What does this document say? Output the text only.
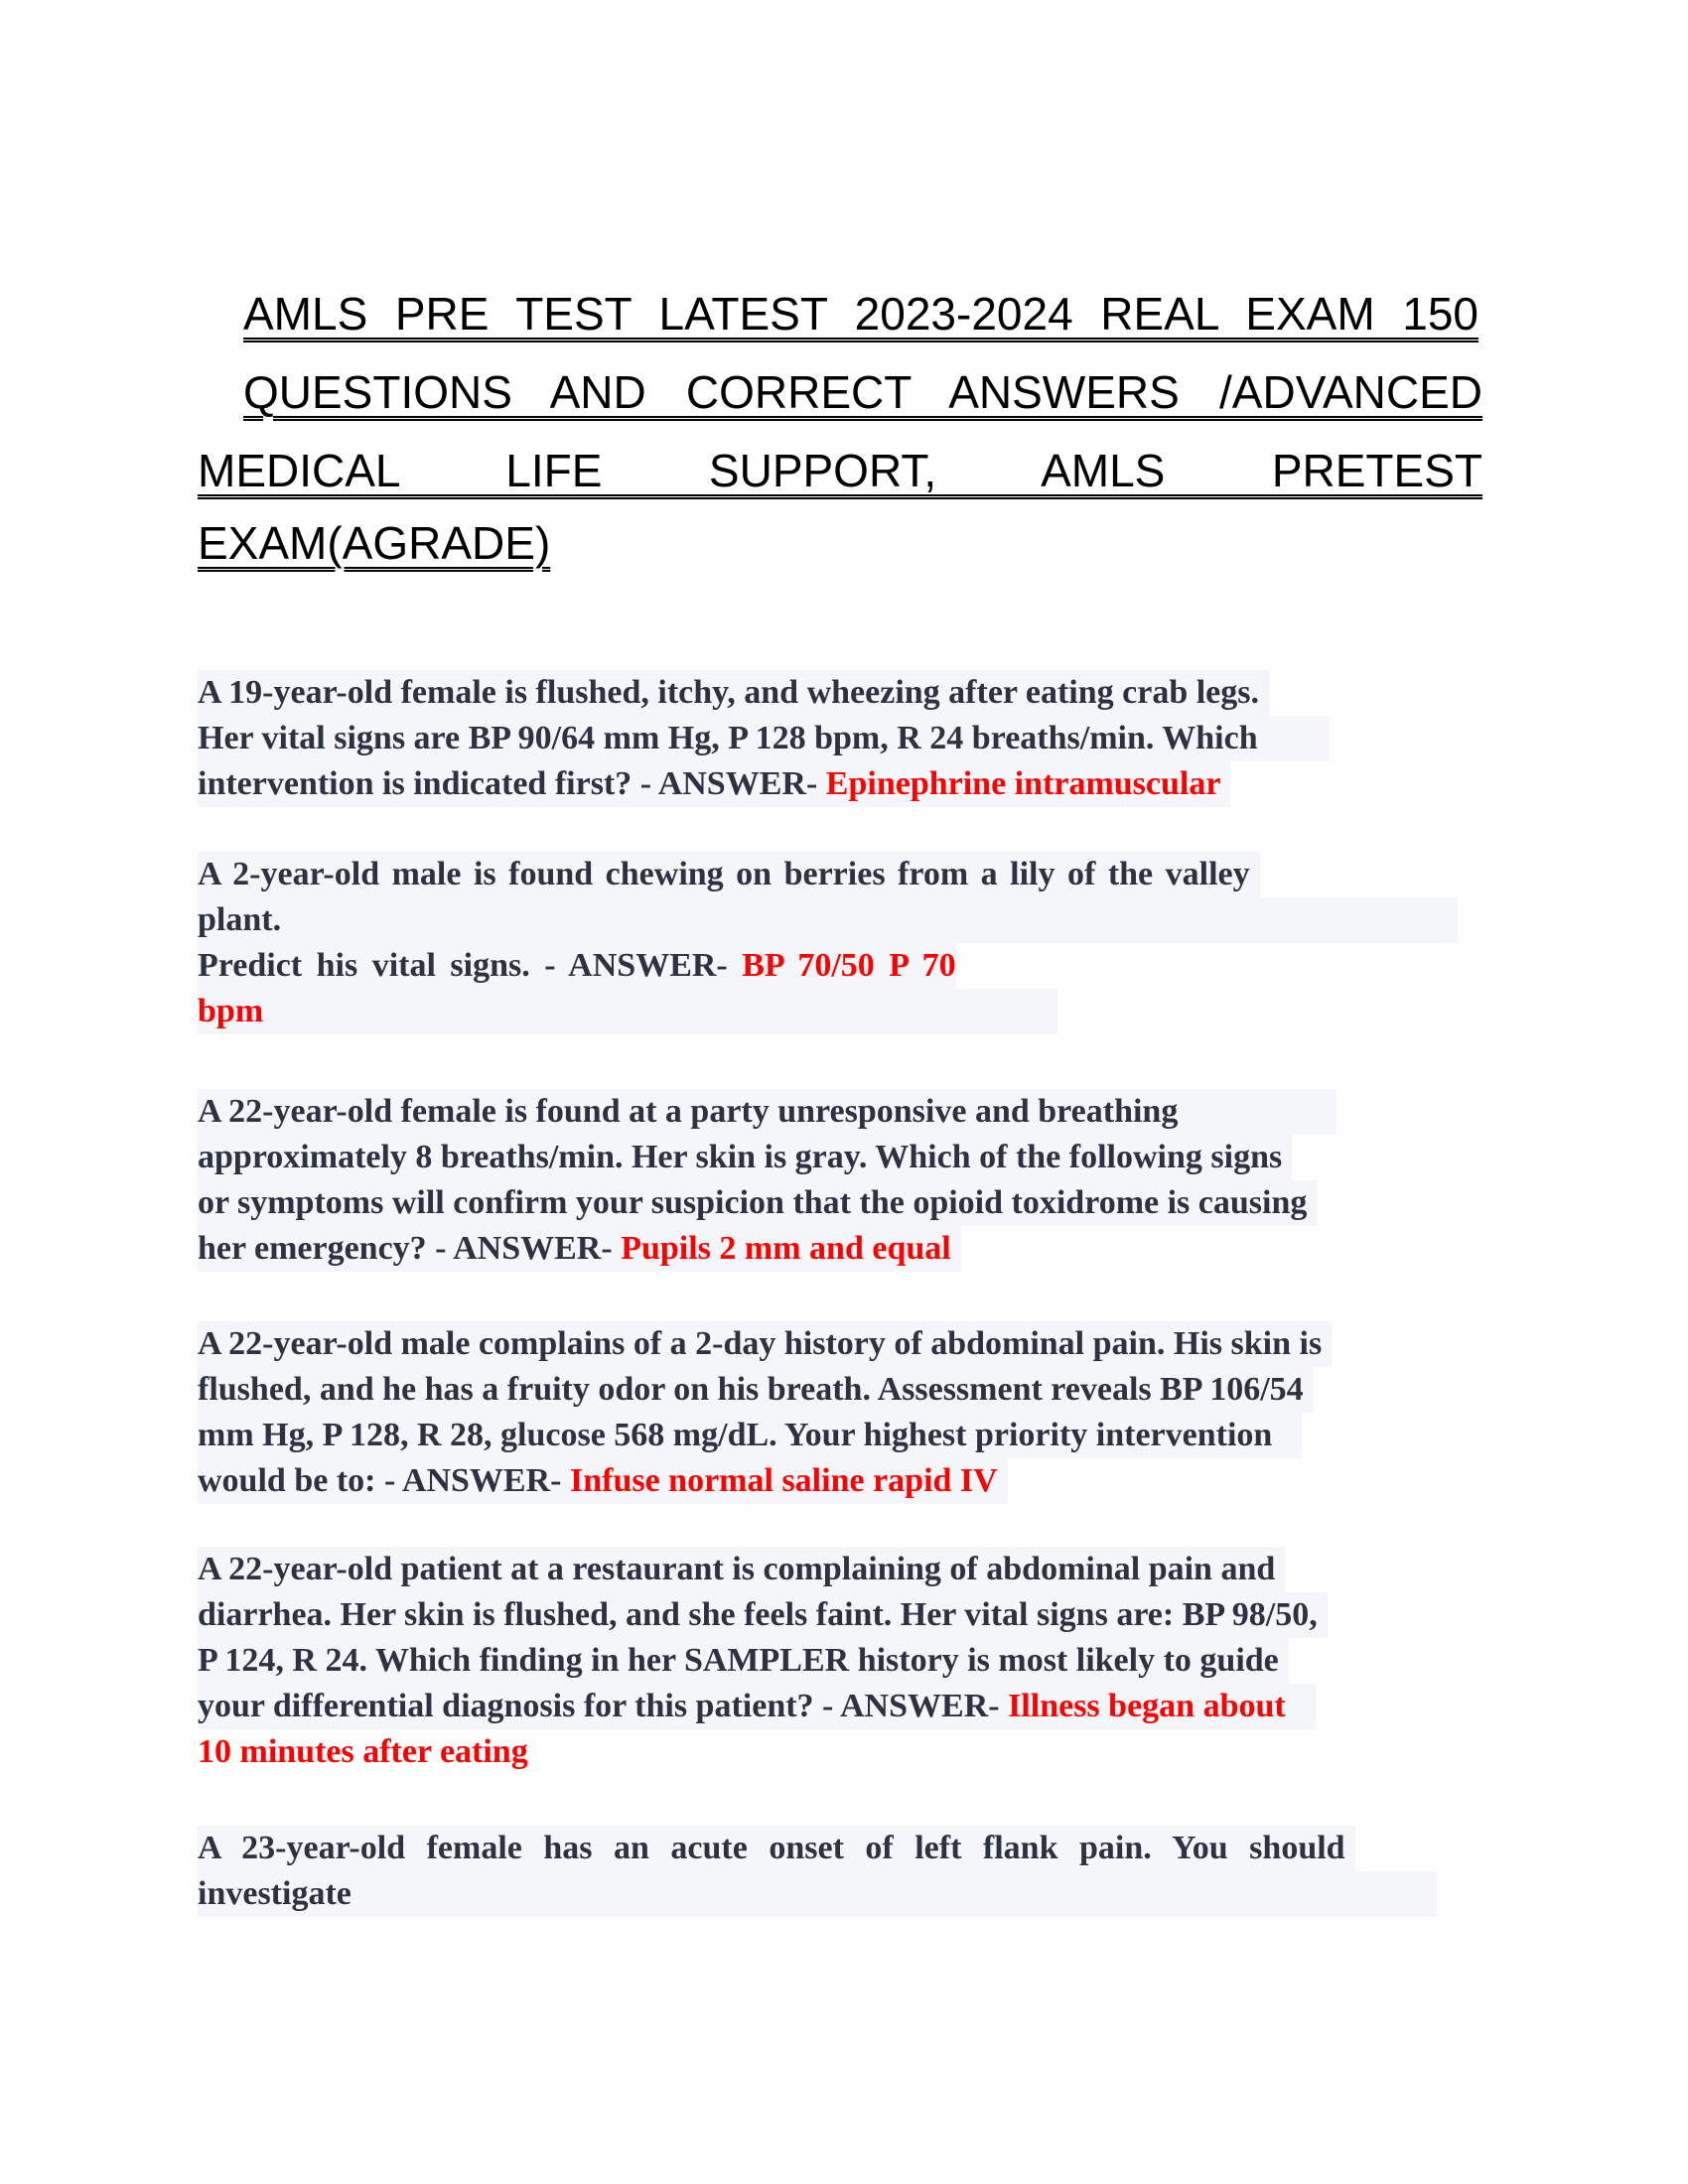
AMLS PRE TEST LATEST 2023-2024 REAL EXAM 150
QUESTIONS AND CORRECT ANSWERS /ADVANCED
MEDICAL LIFE SUPPORT, AMLS PRETEST
EXAM(AGRADE)
A 19-year-old female is flushed, itchy, and wheezing after eating crab legs.
Her vital signs are BP 90/64 mm Hg, P 128 bpm, R 24 breaths/min. Which
intervention is indicated first? - ANSWER- Epinephrine intramuscular
A 2-year-old male is found chewing on berries from a lily of the valley
plant.
Predict his vital signs. - ANSWER- BP 70/50 P 70
bpm
A 22-year-old female is found at a party unresponsive and breathing
approximately 8 breaths/min. Her skin is gray. Which of the following signs
or symptoms will confirm your suspicion that the opioid toxidrome is causing
her emergency? - ANSWER- Pupils 2 mm and equal
A 22-year-old male complains of a 2-day history of abdominal pain. His skin is
flushed, and he has a fruity odor on his breath. Assessment reveals BP 106/54
mm Hg, P 128, R 28, glucose 568 mg/dL. Your highest priority intervention
would be to: - ANSWER- Infuse normal saline rapid IV
A 22-year-old patient at a restaurant is complaining of abdominal pain and
diarrhea. Her skin is flushed, and she feels faint. Her vital signs are: BP 98/50,
P 124, R 24. Which finding in her SAMPLER history is most likely to guide
your differential diagnosis for this patient? - ANSWER- Illness began about
10 minutes after eating
A 23-year-old female has an acute onset of left flank pain. You should
investigate
